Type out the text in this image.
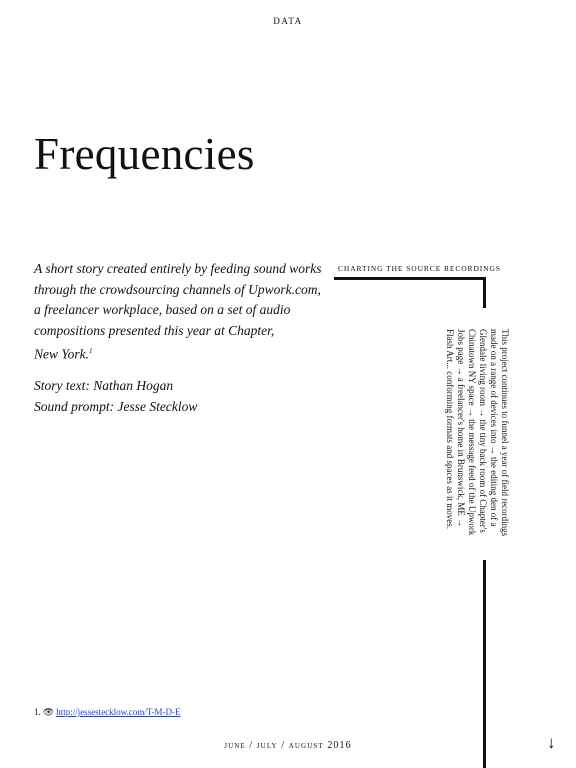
DATA
Frequencies

A short story created entirely by feeding sound works
through the crowdsourcing channels of Upwork.com,
a freelancer workplace, based on a set of audio
compositions presented this year at Chapter,
New York.$^1$

Story text: Nathan Hogan
Sound prompt: Jesse Stecklow
CHARTING THE SOURCE RECORDINGS
This project continues to funnel a year of field recordings made on a range of devices into → the editing den of a Glendale living room → the tiny back room of Chapter's Chinatown NY space → the message feed of the Upwork Jobs page → a freelancer's home in Brunswick, ME → Flash Art... conforming formats and spaces as it moves.
1. 👁 http://jessestecklow.com/T-M-D-E
june / july / august 2016	↓
